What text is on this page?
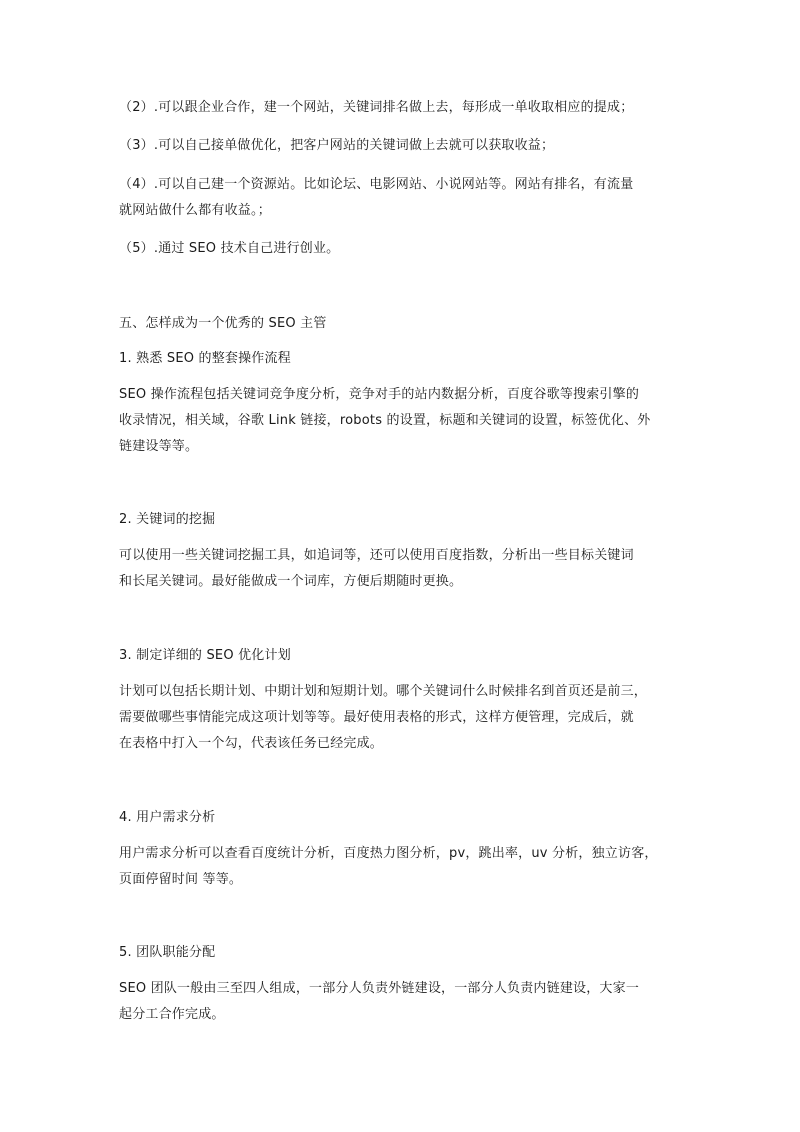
（2）.可以跟企业合作，建一个网站，关键词排名做上去，每形成一单收取相应的提成；
（3）.可以自己接单做优化，把客户网站的关键词做上去就可以获取收益；
（4）.可以自己建一个资源站。比如论坛、电影网站、小说网站等。网站有排名，有流量
就网站做什么都有收益。；
（5）.通过 SEO 技术自己进行创业。
五、怎样成为一个优秀的 SEO 主管
1. 熟悉 SEO 的整套操作流程
SEO 操作流程包括关键词竞争度分析，竞争对手的站内数据分析，百度谷歌等搜索引擎的
收录情况，相关域，谷歌 Link 链接，robots 的设置，标题和关键词的设置，标签优化、外
链建设等等。
2. 关键词的挖掘
可以使用一些关键词挖掘工具，如追词等，还可以使用百度指数，分析出一些目标关键词
和长尾关键词。最好能做成一个词库，方便后期随时更换。
3. 制定详细的 SEO 优化计划
计划可以包括长期计划、中期计划和短期计划。哪个关键词什么时候排名到首页还是前三，
需要做哪些事情能完成这项计划等等。最好使用表格的形式，这样方便管理，完成后，就
在表格中打入一个勾，代表该任务已经完成。
4. 用户需求分析
用户需求分析可以查看百度统计分析，百度热力图分析，pv，跳出率，uv 分析，独立访客，
页面停留时间 等等。
5. 团队职能分配
SEO 团队一般由三至四人组成，一部分人负责外链建设，一部分人负责内链建设，大家一
起分工合作完成。
